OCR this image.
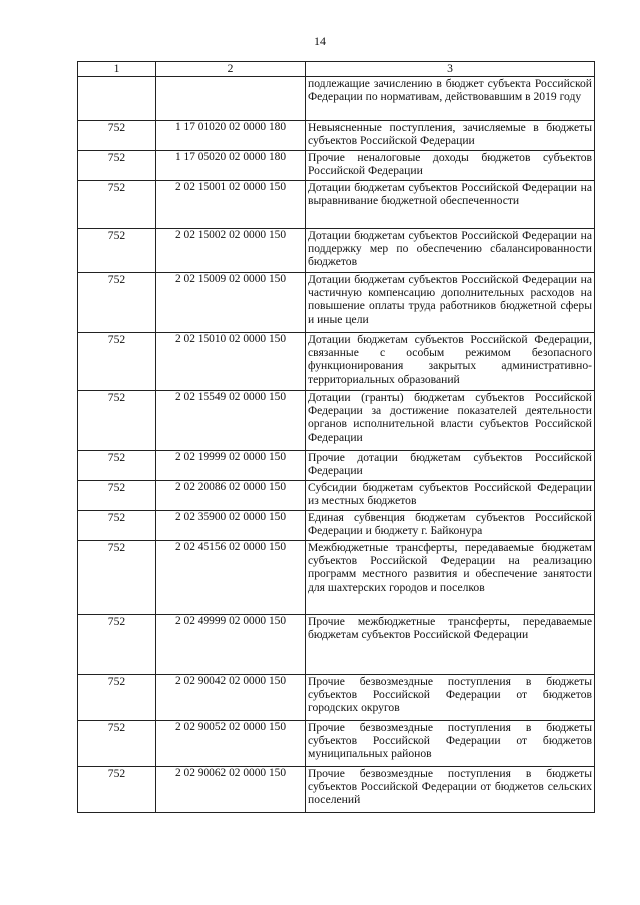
14
1	2	3
		подлежащие зачислению в бюджет субъекта Российской Федерации по нормативам, действовавшим в 2019 году
752	1 17 01020 02 0000 180	Невыясненные поступления, зачисляемые в бюджеты субъектов Российской Федерации
752	1 17 05020 02 0000 180	Прочие неналоговые доходы бюджетов субъектов Российской Федерации
752	2 02 15001 02 0000 150	Дотации бюджетам субъектов Российской Федерации на выравнивание бюджетной обеспеченности
752	2 02 15002 02 0000 150	Дотации бюджетам субъектов Российской Федерации на поддержку мер по обеспечению сбалансированности бюджетов
752	2 02 15009 02 0000 150	Дотации бюджетам субъектов Российской Федерации на частичную компенсацию дополнительных расходов на повышение оплаты труда работников бюджетной сферы и иные цели
752	2 02 15010 02 0000 150	Дотации бюджетам субъектов Российской Федерации, связанные с особым режимом безопасного функционирования закрытых административно-территориальных образований
752	2 02 15549 02 0000 150	Дотации (гранты) бюджетам субъектов Российской Федерации за достижение показателей деятельности органов исполнительной власти субъектов Российской Федерации
752	2 02 19999 02 0000 150	Прочие дотации бюджетам субъектов Российской Федерации
752	2 02 20086 02 0000 150	Субсидии бюджетам субъектов Российской Федерации из местных бюджетов
752	2 02 35900 02 0000 150	Единая субвенция бюджетам субъектов Российской Федерации и бюджету г. Байконура
752	2 02 45156 02 0000 150	Межбюджетные трансферты, передаваемые бюджетам субъектов Российской Федерации на реализацию программ местного развития и обеспечение занятости для шахтерских городов и поселков
752	2 02 49999 02 0000 150	Прочие межбюджетные трансферты, передаваемые бюджетам субъектов Российской Федерации
752	2 02 90042 02 0000 150	Прочие безвозмездные поступления в бюджеты субъектов Российской Федерации от бюджетов городских округов
752	2 02 90052 02 0000 150	Прочие безвозмездные поступления в бюджеты субъектов Российской Федерации от бюджетов муниципальных районов
752	2 02 90062 02 0000 150	Прочие безвозмездные поступления в бюджеты субъектов Российской Федерации от бюджетов сельских поселений
